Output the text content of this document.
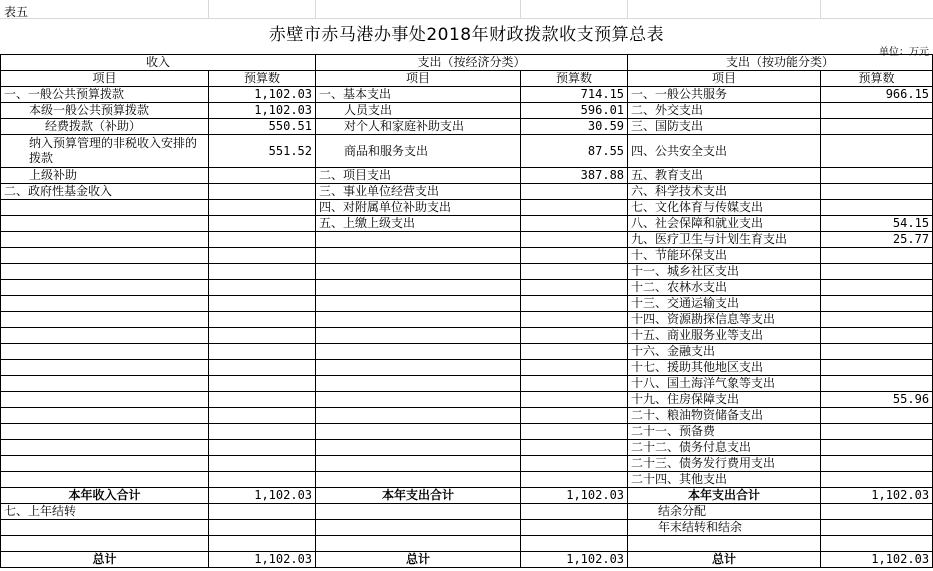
表五
赤壁市赤马港办事处2018年财政拨款收支预算总表
单位：万元
收入		支出（按经济分类）		支出（按功能分类）	
项目	预算数	项目	预算数	项目	预算数
一、一般公共预算拨款	1,102.03	一、基本支出	714.15	一、一般公共服务	966.15
本级一般公共预算拨款	1,102.03	人员支出	596.01	二、外交支出	
经费拨款（补助）	550.51	对个人和家庭补助支出	30.59	三、国防支出	
纳入预算管理的非税收入安排的拨款	551.52	商品和服务支出	87.55	四、公共安全支出	
上级补助		二、项目支出	387.88	五、教育支出	
二、政府性基金收入		三、事业单位经营支出		六、科学技术支出	
		四、对附属单位补助支出		七、文化体育与传媒支出	
		五、上缴上级支出		八、社会保障和就业支出	54.15
				九、医疗卫生与计划生育支出	25.77
				十、节能环保支出	
				十一、城乡社区支出	
				十二、农林水支出	
				十三、交通运输支出	
				十四、资源勘探信息等支出	
				十五、商业服务业等支出	
				十六、金融支出	
				十七、援助其他地区支出	
				十八、国土海洋气象等支出	
				十九、住房保障支出	55.96
				二十、粮油物资储备支出	
				二十一、预备费	
				二十二、债务付息支出	
				二十三、债务发行费用支出	
				二十四、其他支出	
本年收入合计	1,102.03	本年支出合计	1,102.03	本年支出合计	1,102.03
七、上年结转				结余分配	
				年末结转和结余	

总计	1,102.03	总计	1,102.03	总计	1,102.03
